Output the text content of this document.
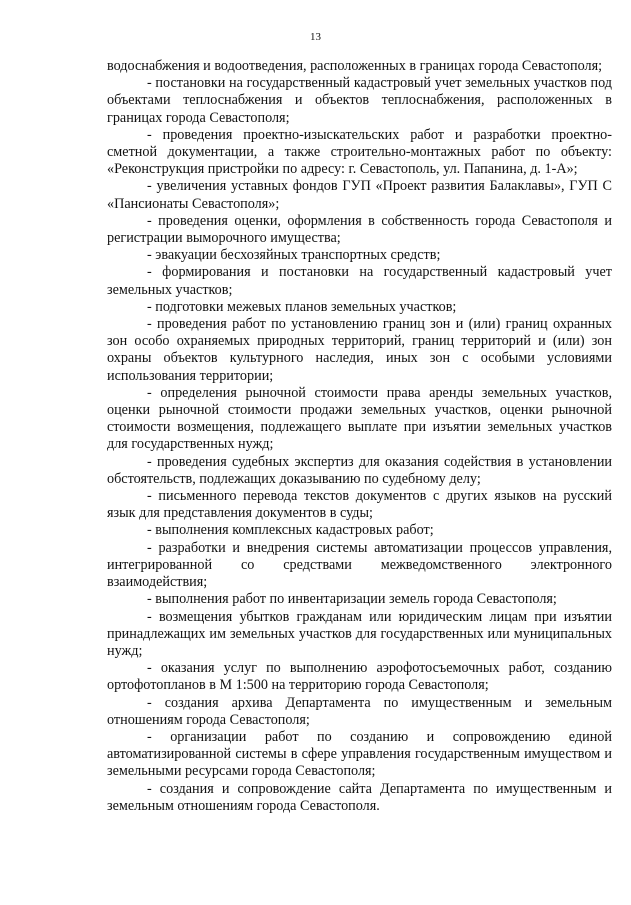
13

водоснабжения и водоотведения, расположенных в границах города Севастополя;

- постановки на государственный кадастровый учет земельных участков под объектами теплоснабжения и объектов теплоснабжения, расположенных в границах города Севастополя;

- проведения проектно-изыскательских работ и разработки проектно-сметной документации, а также строительно-монтажных работ по объекту: «Реконструкция пристройки по адресу: г. Севастополь, ул. Папанина, д. 1-А»;

- увеличения уставных фондов ГУП «Проект развития Балаклавы», ГУП С «Пансионаты Севастополя»;

- проведения оценки, оформления в собственность города Севастополя и регистрации выморочного имущества;

- эвакуации бесхозяйных транспортных средств;

- формирования и постановки на государственный кадастровый учет земельных участков;

- подготовки межевых планов земельных участков;

- проведения работ по установлению границ зон и (или) границ охранных зон особо охраняемых природных территорий, границ территорий и (или) зон охраны объектов культурного наследия, иных зон с особыми условиями использования территории;

- определения рыночной стоимости права аренды земельных участков, оценки рыночной стоимости продажи земельных участков, оценки рыночной стоимости возмещения, подлежащего выплате при изъятии земельных участков для государственных нужд;

- проведения судебных экспертиз для оказания содействия в установлении обстоятельств, подлежащих доказыванию по судебному делу;

- письменного перевода текстов документов с других языков на русский язык для представления документов в суды;

- выполнения комплексных кадастровых работ;

- разработки и внедрения системы автоматизации процессов управления, интегрированной со средствами межведомственного электронного взаимодействия;

- выполнения работ по инвентаризации земель города Севастополя;

- возмещения убытков гражданам или юридическим лицам при изъятии принадлежащих им земельных участков для государственных или муниципальных нужд;

- оказания услуг по выполнению аэрофотосъемочных работ, созданию ортофотопланов в М 1:500 на территорию города Севастополя;

- создания архива Департамента по имущественным и земельным отношениям города Севастополя;

- организации работ по созданию и сопровождению единой автоматизированной системы в сфере управления государственным имуществом и земельными ресурсами города Севастополя;

- создания и сопровождение сайта Департамента по имущественным и земельным отношениям города Севастополя.
